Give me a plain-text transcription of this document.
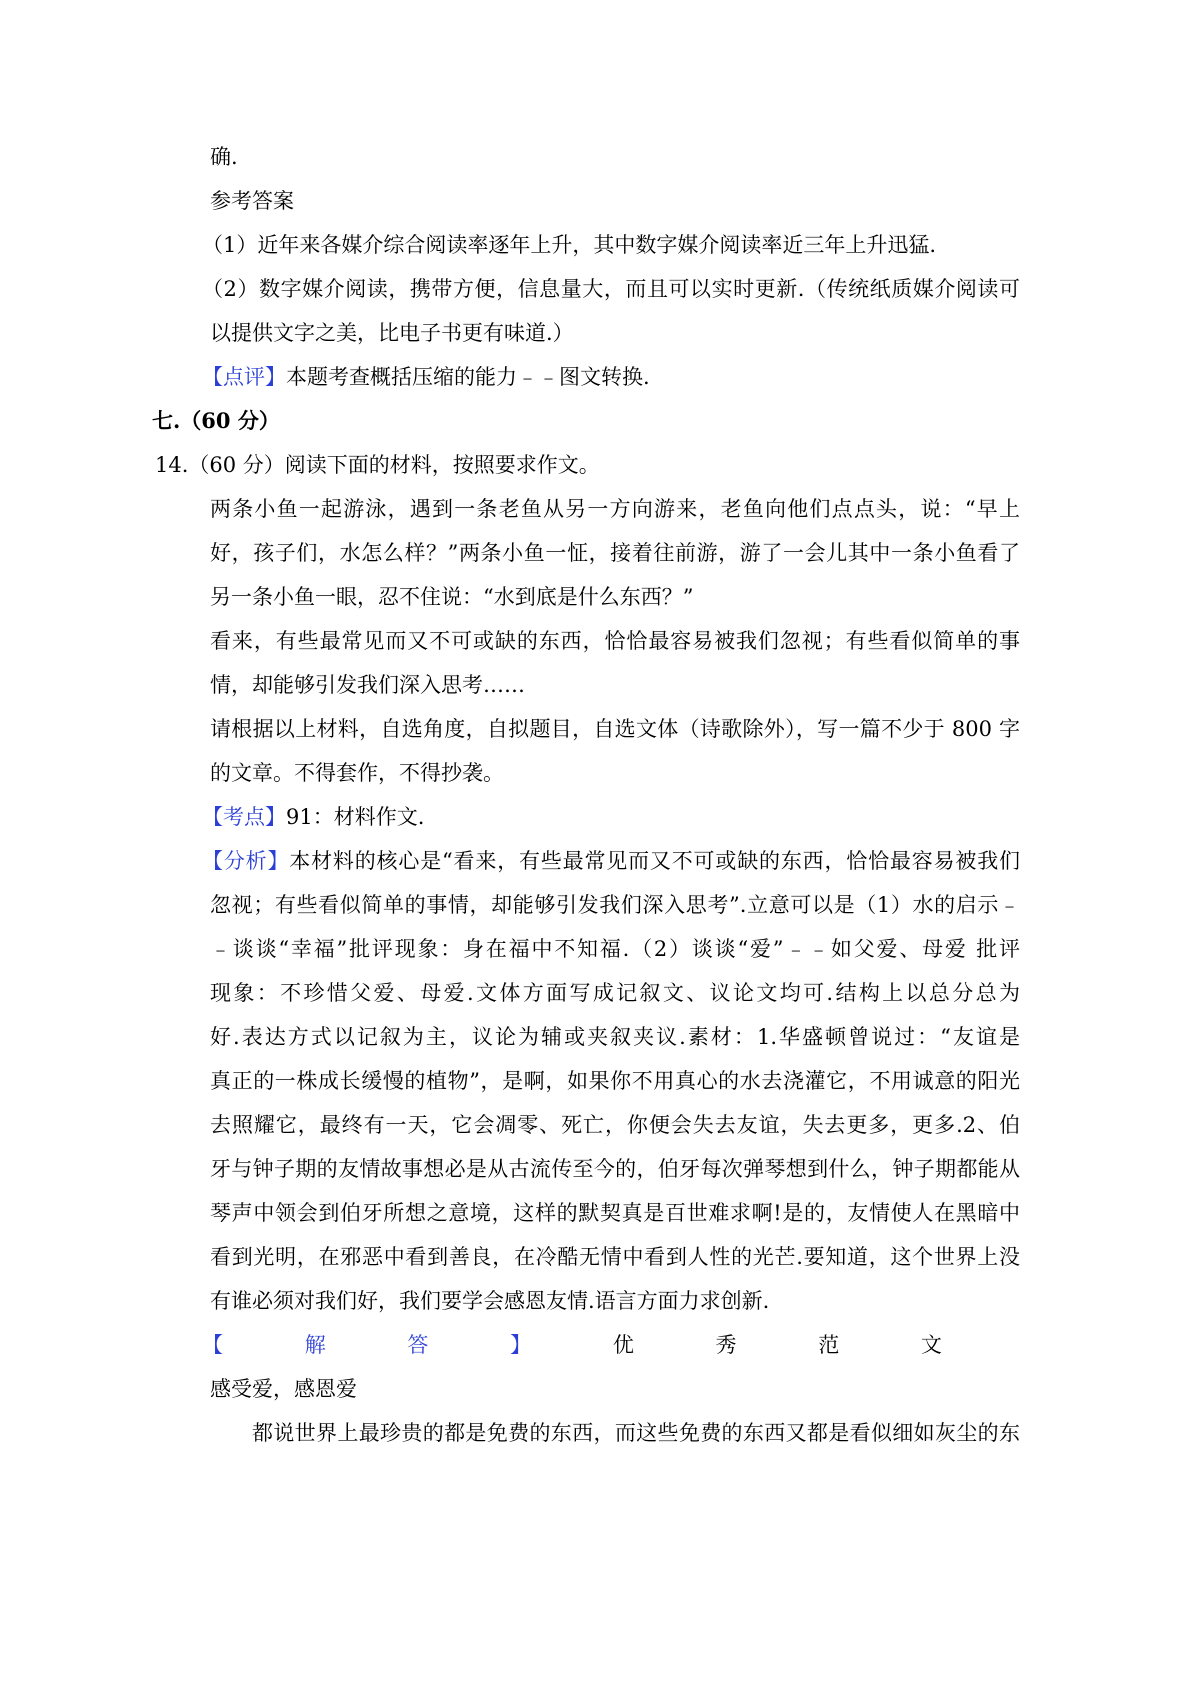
确.
参考答案
（1）近年来各媒介综合阅读率逐年上升，其中数字媒介阅读率近三年上升迅猛.
（2）数字媒介阅读，携带方便，信息量大，而且可以实时更新.（传统纸质媒介阅读可
以提供文字之美，比电子书更有味道.）
【点评】本题考查概括压缩的能力﹣﹣图文转换.
七.（60 分）
14.（60 分）阅读下面的材料，按照要求作文。
两条小鱼一起游泳，遇到一条老鱼从另一方向游来，老鱼向他们点点头，说：“早上
好，孩子们，水怎么样？”两条小鱼一怔，接着往前游，游了一会儿其中一条小鱼看了
另一条小鱼一眼，忍不住说：“水到底是什么东西？”
看来，有些最常见而又不可或缺的东西，恰恰最容易被我们忽视；有些看似简单的事
情，却能够引发我们深入思考……
请根据以上材料，自选角度，自拟题目，自选文体（诗歌除外），写一篇不少于 800 字
的文章。不得套作，不得抄袭。
【考点】91：材料作文.
【分析】本材料的核心是“看来，有些最常见而又不可或缺的东西，恰恰最容易被我们
忽视；有些看似简单的事情，却能够引发我们深入思考”.立意可以是（1）水的启示﹣
﹣谈谈“幸福”批评现象：身在福中不知福.（2）谈谈“爱”﹣﹣如父爱、母爱 批评
现象：不珍惜父爱、母爱.文体方面写成记叙文、议论文均可.结构上以总分总为
好.表达方式以记叙为主，议论为辅或夹叙夹议.素材：1.华盛顿曾说过：“友谊是
真正的一株成长缓慢的植物”，是啊，如果你不用真心的水去浇灌它，不用诚意的阳光
去照耀它，最终有一天，它会凋零、死亡，你便会失去友谊，失去更多，更多.2、伯
牙与钟子期的友情故事想必是从古流传至今的，伯牙每次弹琴想到什么，钟子期都能从
琴声中领会到伯牙所想之意境，这样的默契真是百世难求啊!是的，友情使人在黑暗中
看到光明，在邪恶中看到善良，在冷酷无情中看到人性的光芒.要知道，这个世界上没
有谁必须对我们好，我们要学会感恩友情.语言方面力求创新.
【	解	答	】	优	秀	范	文
感受爱，感恩爱
都说世界上最珍贵的都是免费的东西，而这些免费的东西又都是看似细如灰尘的东
